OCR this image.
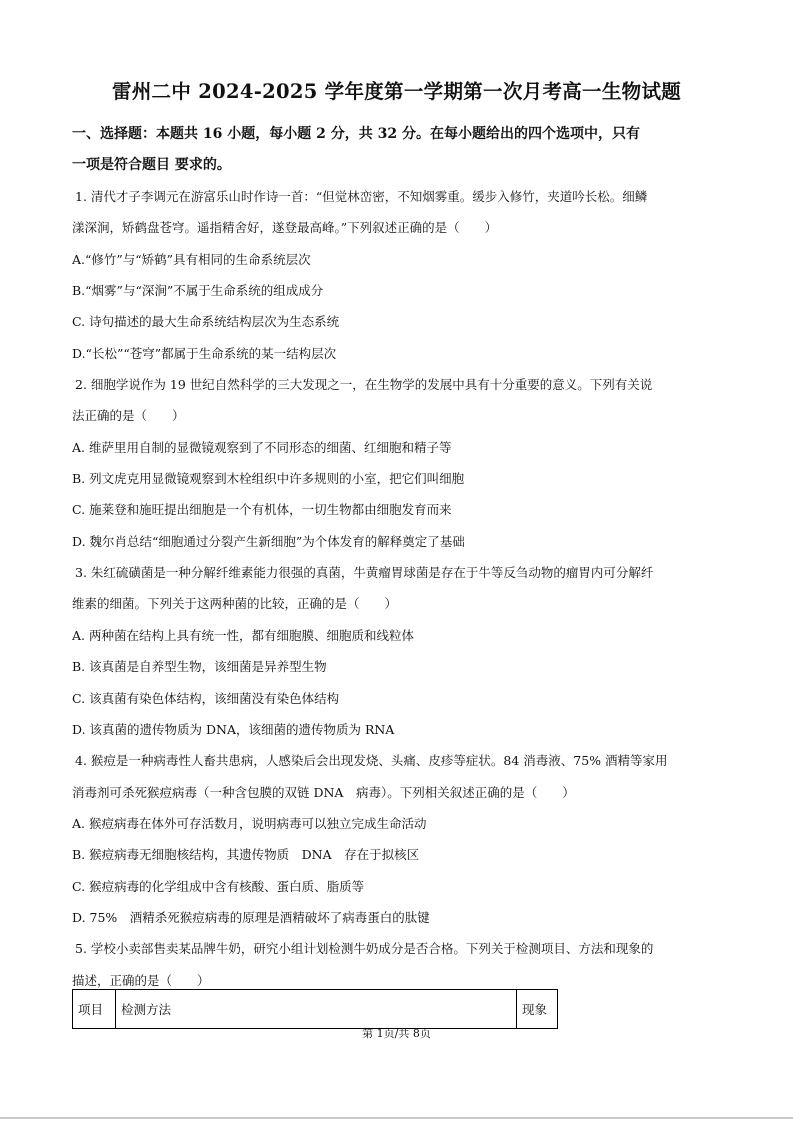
雷州二中 2024-2025 学年度第一学期第一次月考高一生物试题
一、选择题：本题共 16 小题，每小题 2 分，共 32 分。在每小题给出的四个选项中，只有
一项是符合题目 要求的。
1. 清代才子李调元在游富乐山时作诗一首：“但觉林峦密，不知烟雾重。缓步入修竹，夹道吟长松。细鳞
漾深涧，矫鹤盘苍穹。遥指精舍好，遂登最高峰。”下列叙述正确的是（　　）
A.“修竹”与“矫鹤”具有相同的生命系统层次
B.“烟雾”与“深涧”不属于生命系统的组成成分
C. 诗句描述的最大生命系统结构层次为生态系统
D.“长松”“苍穹”都属于生命系统的某一结构层次
2. 细胞学说作为 19 世纪自然科学的三大发现之一，在生物学的发展中具有十分重要的意义。下列有关说
法正确的是（　　）
A. 维萨里用自制的显微镜观察到了不同形态的细菌、红细胞和精子等
B. 列文虎克用显微镜观察到木栓组织中许多规则的小室，把它们叫细胞
C. 施莱登和施旺提出细胞是一个有机体，一切生物都由细胞发育而来
D. 魏尔肖总结“细胞通过分裂产生新细胞”为个体发育的解释奠定了基础
3. 朱红硫磺菌是一种分解纤维素能力很强的真菌，牛黄瘤胃球菌是存在于牛等反刍动物的瘤胃内可分解纤
维素的细菌。下列关于这两种菌的比较，正确的是（　　）
A. 两种菌在结构上具有统一性，都有细胞膜、细胞质和线粒体
B. 该真菌是自养型生物，该细菌是异养型生物
C. 该真菌有染色体结构，该细菌没有染色体结构
D. 该真菌的遗传物质为 DNA，该细菌的遗传物质为 RNA
4. 猴痘是一种病毒性人畜共患病，人感染后会出现发烧、头痛、皮疹等症状。84 消毒液、75% 酒精等家用
消毒剂可杀死猴痘病毒（一种含包膜的双链 DNA　病毒）。下列相关叙述正确的是（　　）
A. 猴痘病毒在体外可存活数月，说明病毒可以独立完成生命活动
B. 猴痘病毒无细胞核结构，其遗传物质　DNA　存在于拟核区
C. 猴痘病毒的化学组成中含有核酸、蛋白质、脂质等
D. 75%　酒精杀死猴痘病毒的原理是酒精破坏了病毒蛋白的肽键
5. 学校小卖部售卖某品牌牛奶，研究小组计划检测牛奶成分是否合格。下列关于检测项目、方法和现象的
描述，正确的是（　　）
项目	检测方法	现象
第 1页/共 8页
